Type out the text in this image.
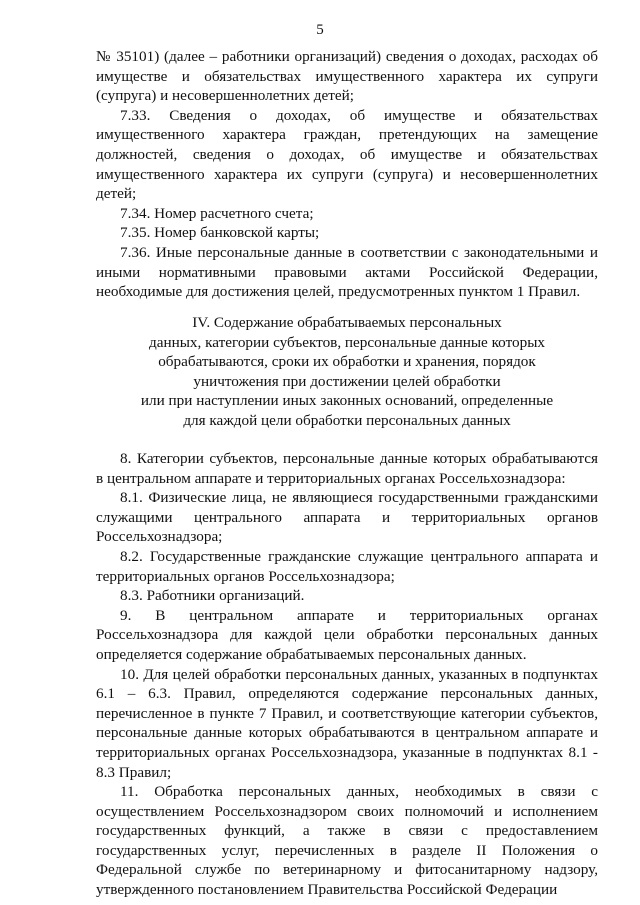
5

№ 35101) (далее – работники организаций) сведения о доходах, расходах об имуществе и обязательствах имущественного характера их супруги (супруга) и несовершеннолетних детей;

7.33. Сведения о доходах, об имуществе и обязательствах имущественного характера граждан, претендующих на замещение должностей, сведения о доходах, об имуществе и обязательствах имущественного характера их супруги (супруга) и несовершеннолетних детей;

7.34. Номер расчетного счета;

7.35. Номер банковской карты;

7.36. Иные персональные данные в соответствии с законодательными и иными нормативными правовыми актами Российской Федерации, необходимые для достижения целей, предусмотренных пунктом 1 Правил.

IV. Содержание обрабатываемых персональных
данных, категории субъектов, персональные данные которых
обрабатываются, сроки их обработки и хранения, порядок
уничтожения при достижении целей обработки
или при наступлении иных законных оснований, определенные
для каждой цели обработки персональных данных

8. Категории субъектов, персональные данные которых обрабатываются в центральном аппарате и территориальных органах Россельхознадзора:

8.1. Физические лица, не являющиеся государственными гражданскими служащими центрального аппарата и территориальных органов Россельхознадзора;

8.2. Государственные гражданские служащие центрального аппарата и территориальных органов Россельхознадзора;

8.3. Работники организаций.

9. В центральном аппарате и территориальных органах Россельхознадзора для каждой цели обработки персональных данных определяется содержание обрабатываемых персональных данных.

10. Для целей обработки персональных данных, указанных в подпунктах 6.1 – 6.3. Правил, определяются содержание персональных данных, перечисленное в пункте 7 Правил, и соответствующие категории субъектов, персональные данные которых обрабатываются в центральном аппарате и территориальных органах Россельхознадзора, указанные в подпунктах 8.1 - 8.3 Правил;

11. Обработка персональных данных, необходимых в связи с осуществлением Россельхознадзором своих полномочий и исполнением государственных функций, а также в связи с предоставлением государственных услуг, перечисленных в разделе II Положения о Федеральной службе по ветеринарному и фитосанитарному надзору, утвержденного постановлением Правительства Российской Федерации
